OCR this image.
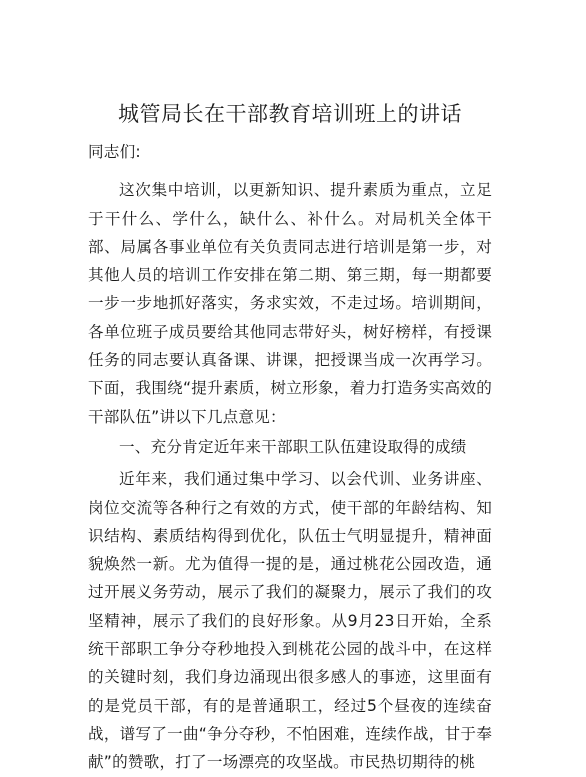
城管局长在干部教育培训班上的讲话

同志们:

这次集中培训，以更新知识、提升素质为重点，立足于干什么、学什么，缺什么、补什么。对局机关全体干部、局属各事业单位有关负责同志进行培训是第一步，对其他人员的培训工作安排在第二期、第三期，每一期都要一步一步地抓好落实，务求实效，不走过场。培训期间，各单位班子成员要给其他同志带好头，树好榜样，有授课任务的同志要认真备课、讲课，把授课当成一次再学习。下面，我围绕“提升素质，树立形象，着力打造务实高效的干部队伍”讲以下几点意见：

一、充分肯定近年来干部职工队伍建设取得的成绩

近年来，我们通过集中学习、以会代训、业务讲座、岗位交流等各种行之有效的方式，使干部的年龄结构、知识结构、素质结构得到优化，队伍士气明显提升，精神面貌焕然一新。尤为值得一提的是，通过桃花公园改造，通过开展义务劳动，展示了我们的凝聚力，展示了我们的攻坚精神，展示了我们的良好形象。从9月23日开始，全系统干部职工争分夺秒地投入到桃花公园的战斗中，在这样的关键时刻，我们身边涌现出很多感人的事迹，这里面有的是党员干部，有的是普通职工，经过5个昼夜的连续奋战，谱写了一曲“争分夺秒，不怕困难，连续作战，甘于奉献”的赞歌，打了一场漂亮的攻坚战。市民热切期待的桃
